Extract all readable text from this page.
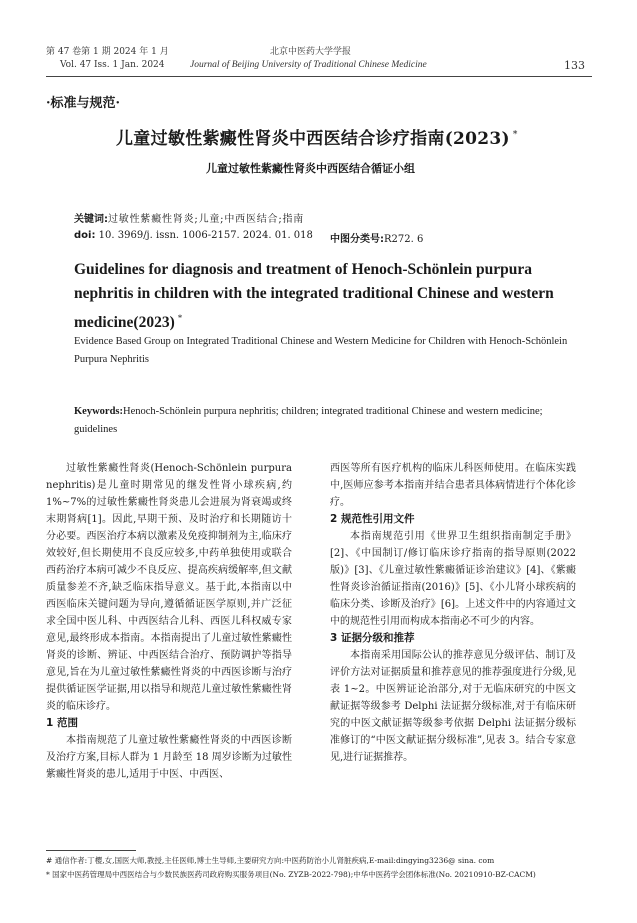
第 47 卷第 1 期 2024 年 1 月	北京中医药大学学报
Vol. 47 Iss. 1 Jan. 2024	Journal of Beijing University of Traditional Chinese Medicine	133
·标准与规范·
儿童过敏性紫癜性肾炎中西医结合诊疗指南(2023) *
儿童过敏性紫癜性肾炎中西医结合循证小组
关键词:过敏性紫癜性肾炎;儿童;中西医结合;指南
doi: 10. 3969/j. issn. 1006-2157. 2024. 01. 018 中图分类号:R272. 6
Guidelines for diagnosis and treatment of Henoch-Schönlein purpura nephritis in children with the integrated traditional Chinese and western medicine(2023) *
Evidence Based Group on Integrated Traditional Chinese and Western Medicine for Children with Henoch-Schönlein Purpura Nephritis
Keywords:Henoch-Schönlein purpura nephritis; children; integrated traditional Chinese and western medicine; guidelines

过敏性紫癜性肾炎(Henoch-Schönlein purpura nephritis)是儿童时期常见的继发性肾小球疾病,约1%~7%的过敏性紫癜性肾炎患儿会进展为肾衰竭或终末期肾病[1]。因此,早期干预、及时治疗和长期随访十分必要。西医治疗本病以激素及免疫抑制剂为主,临床疗效较好,但长期使用不良反应较多,中药单独使用或联合西药治疗本病可减少不良反应、提高疾病缓解率,但文献质量参差不齐,缺乏临床指导意义。基于此,本指南以中西医临床关键问题为导向,遵循循证医学原则,并广泛征求全国中医儿科、中西医结合儿科、西医儿科权威专家意见,最终形成本指南。本指南提出了儿童过敏性紫癜性肾炎的诊断、辨证、中西医结合治疗、预防调护等指导意见,旨在为儿童过敏性紫癜性肾炎的中西医诊断与治疗提供循证医学证据,用以指导和规范儿童过敏性紫癜性肾炎的临床诊疗。

1 范围

本指南规范了儿童过敏性紫癜性肾炎的中西医诊断及治疗方案,目标人群为 1 月龄至 18 周岁诊断为过敏性紫癜性肾炎的患儿,适用于中医、中西医、

西医等所有医疗机构的临床儿科医师使用。在临床实践中,医师应参考本指南并结合患者具体病情进行个体化诊疗。

2 规范性引用文件

本指南规范引用《世界卫生组织指南制定手册》[2]、《中国制订/修订临床诊疗指南的指导原则(2022 版)》[3]、《儿童过敏性紫癜循证诊治建议》[4]、《紫癜性肾炎诊治循证指南(2016)》[5]、《小儿肾小球疾病的临床分类、诊断及治疗》[6]。上述文件中的内容通过文中的规范性引用而构成本指南必不可少的内容。

3 证据分级和推荐

本指南采用国际公认的推荐意见分级评估、制订及评价方法对证据质量和推荐意见的推荐强度进行分级,见表 1~2。中医辨证论治部分,对于无临床研究的中医文献证据等级参考 Delphi 法证据分级标准,对于有临床研究的中医文献证据等级参考依据 Delphi 法证据分级标准修订的“中医文献证据分级标准”,见表 3。结合专家意见,进行证据推荐。

# 通信作者:丁樱,女,国医大师,教授,主任医师,博士生导师,主要研究方向:中医药防治小儿肾脏疾病,E-mail:dingying3236@ sina. com
* 国家中医药管理局中西医结合与少数民族医药司政府购买服务项目(No. ZYZB-2022-798);中华中医药学会团体标准(No. 20210910-BZ-CACM)
